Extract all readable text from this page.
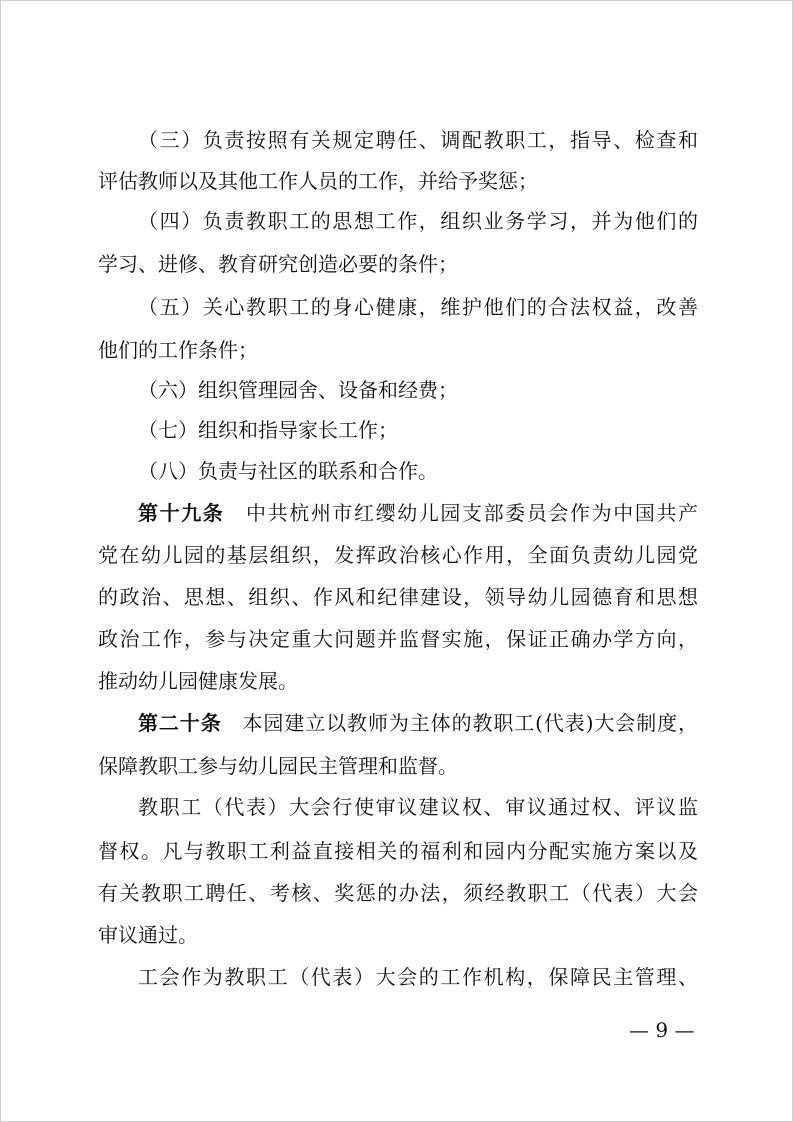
（三）负责按照有关规定聘任、调配教职工，指导、检查和
评估教师以及其他工作人员的工作，并给予奖惩；
（四）负责教职工的思想工作，组织业务学习，并为他们的
学习、进修、教育研究创造必要的条件；
（五）关心教职工的身心健康，维护他们的合法权益，改善
他们的工作条件；
（六）组织管理园舍、设备和经费；
（七）组织和指导家长工作；
（八）负责与社区的联系和合作。
第十九条　 中共杭州市红缨幼儿园支部委员会作为中国共产
党在幼儿园的基层组织，发挥政治核心作用，全面负责幼儿园党
的政治、思想、组织、作风和纪律建设，领导幼儿园德育和思想
政治工作，参与决定重大问题并监督实施，保证正确办学方向，
推动幼儿园健康发展。
第二十条　 本园建立以教师为主体的教职工(代表)大会制度，
保障教职工参与幼儿园民主管理和监督。
教职工（代表）大会行使审议建议权、审议通过权、评议监
督权。凡与教职工利益直接相关的福利和园内分配实施方案以及
有关教职工聘任、考核、奖惩的办法，须经教职工（代表）大会
审议通过。
工会作为教职工（代表）大会的工作机构，保障民主管理、
— 9 —
